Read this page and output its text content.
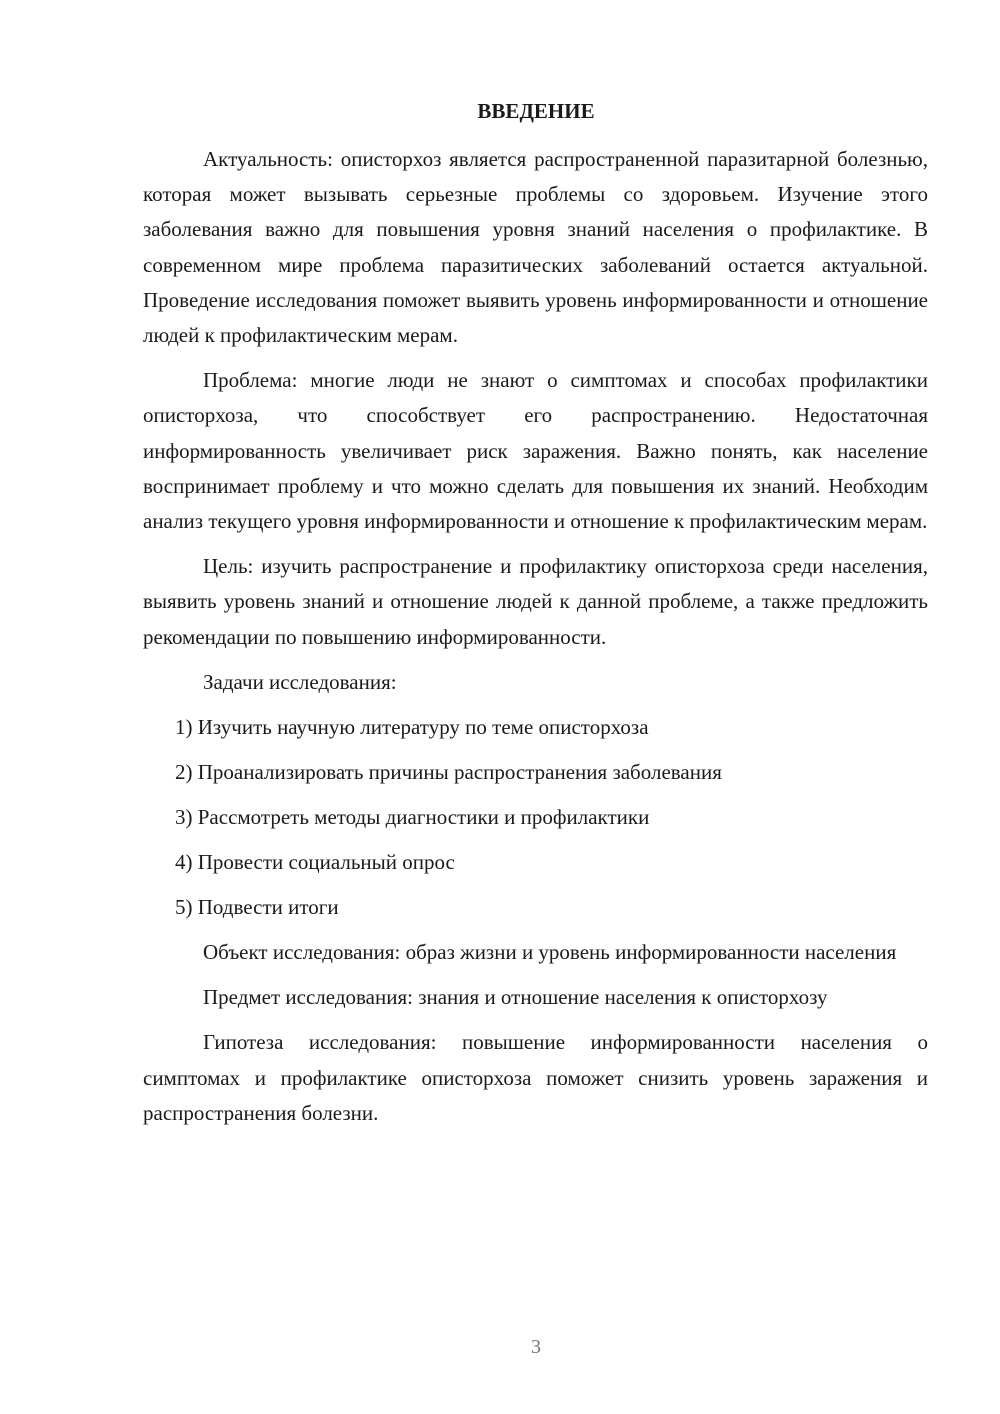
ВВЕДЕНИЕ

Актуальность: описторхоз является распространенной паразитарной болезнью, которая может вызывать серьезные проблемы со здоровьем. Изучение этого заболевания важно для повышения уровня знаний населения о профилактике. В современном мире проблема паразитических заболеваний остается актуальной. Проведение исследования поможет выявить уровень информированности и отношение людей к профилактическим мерам.

Проблема: многие люди не знают о симптомах и способах профилактики описторхоза, что способствует его распространению. Недостаточная информированность увеличивает риск заражения. Важно понять, как население воспринимает проблему и что можно сделать для повышения их знаний. Необходим анализ текущего уровня информированности и отношение к профилактическим мерам.

Цель: изучить распространение и профилактику описторхоза среди населения, выявить уровень знаний и отношение людей к данной проблеме, а также предложить рекомендации по повышению информированности.

Задачи исследования:

1) Изучить научную литературу по теме описторхоза
2) Проанализировать причины распространения заболевания
3) Рассмотреть методы диагностики и профилактики
4) Провести социальный опрос
5) Подвести итоги

Объект исследования: образ жизни и уровень информированности населения

Предмет исследования: знания и отношение населения к описторхозу

Гипотеза исследования: повышение информированности населения о симптомах и профилактике описторхоза поможет снизить уровень заражения и распространения болезни.

3
